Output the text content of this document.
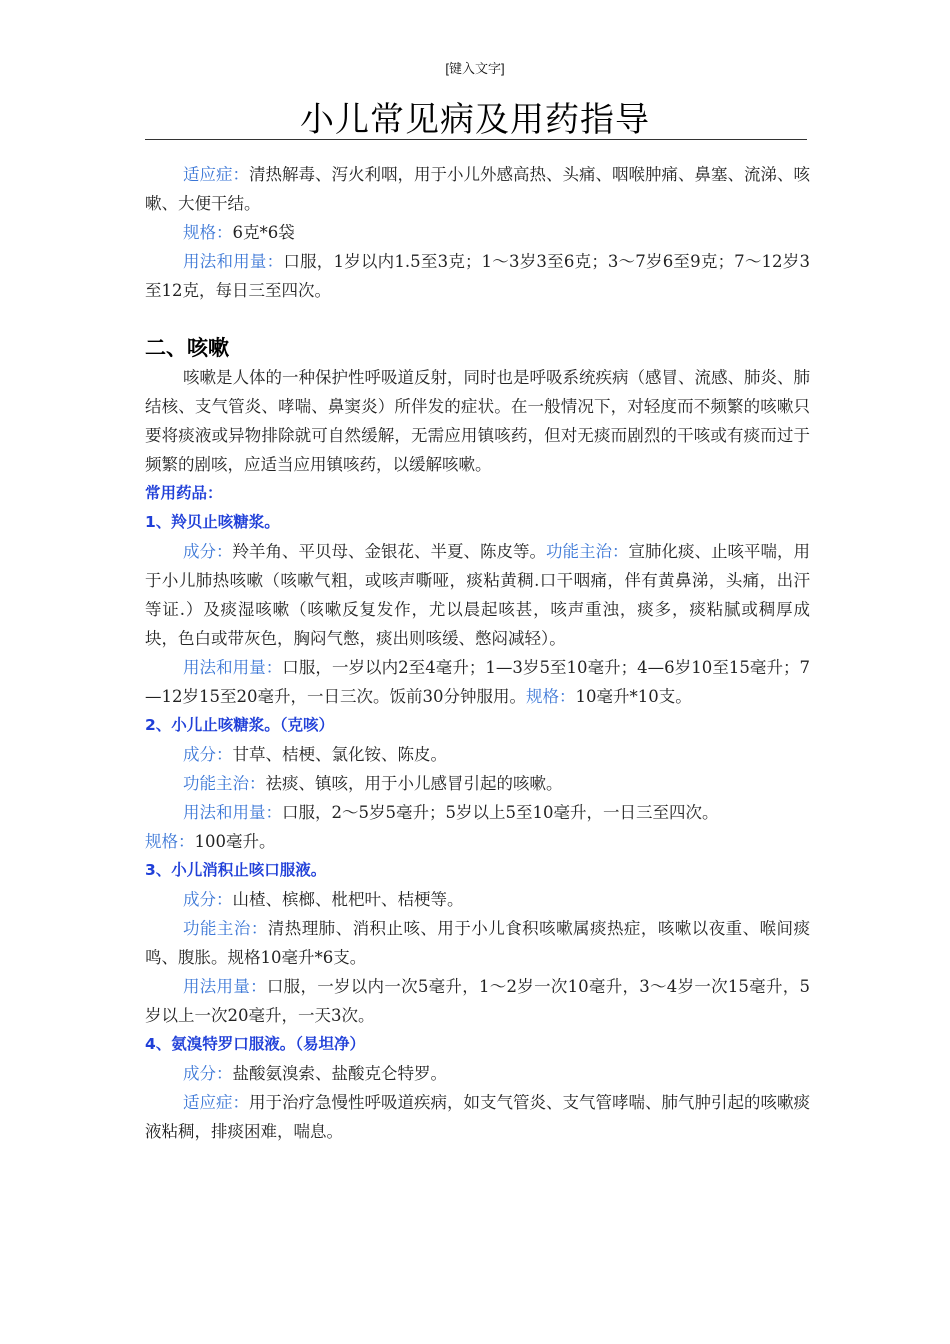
[键入文字]
小儿常见病及用药指导

适应症：清热解毒、泻火利咽，用于小儿外感高热、头痛、咽喉肿痛、鼻塞、流涕、咳嗽、大便干结。

规格：6克*6袋

用法和用量：口服，1岁以内1.5至3克；1～3岁3至6克；3～7岁6至9克；7～12岁3至12克，每日三至四次。

二、咳嗽

咳嗽是人体的一种保护性呼吸道反射，同时也是呼吸系统疾病（感冒、流感、肺炎、肺结核、支气管炎、哮喘、鼻窦炎）所伴发的症状。在一般情况下，对轻度而不频繁的咳嗽只要将痰液或异物排除就可自然缓解，无需应用镇咳药，但对无痰而剧烈的干咳或有痰而过于频繁的剧咳，应适当应用镇咳药，以缓解咳嗽。

常用药品：

1、羚贝止咳糖浆。

成分：羚羊角、平贝母、金银花、半夏、陈皮等。功能主治：宣肺化痰、止咳平喘，用于小儿肺热咳嗽（咳嗽气粗，或咳声嘶哑，痰粘黄稠.口干咽痛，伴有黄鼻涕，头痛，出汗等证.）及痰湿咳嗽（咳嗽反复发作，尤以晨起咳甚，咳声重浊，痰多，痰粘腻或稠厚成块，色白或带灰色，胸闷气憋，痰出则咳缓、憋闷减轻）。

用法和用量：口服，一岁以内2至4毫升；1—3岁5至10毫升；4—6岁10至15毫升；7—12岁15至20毫升，一日三次。饭前30分钟服用。规格：10毫升*10支。

2、小儿止咳糖浆。（克咳）

成分：甘草、桔梗、氯化铵、陈皮。

功能主治：祛痰、镇咳，用于小儿感冒引起的咳嗽。

用法和用量：口服，2～5岁5毫升；5岁以上5至10毫升，一日三至四次。

规格：100毫升。

3、小儿消积止咳口服液。

成分：山楂、槟榔、枇杷叶、桔梗等。

功能主治：清热理肺、消积止咳、用于小儿食积咳嗽属痰热症，咳嗽以夜重、喉间痰鸣、腹胀。规格10毫升*6支。

用法用量：口服，一岁以内一次5毫升，1～2岁一次10毫升，3～4岁一次15毫升，5岁以上一次20毫升，一天3次。

4、氨溴特罗口服液。（易坦净）

成分：盐酸氨溴索、盐酸克仑特罗。

适应症：用于治疗急慢性呼吸道疾病，如支气管炎、支气管哮喘、肺气肿引起的咳嗽痰液粘稠，排痰困难，喘息。
